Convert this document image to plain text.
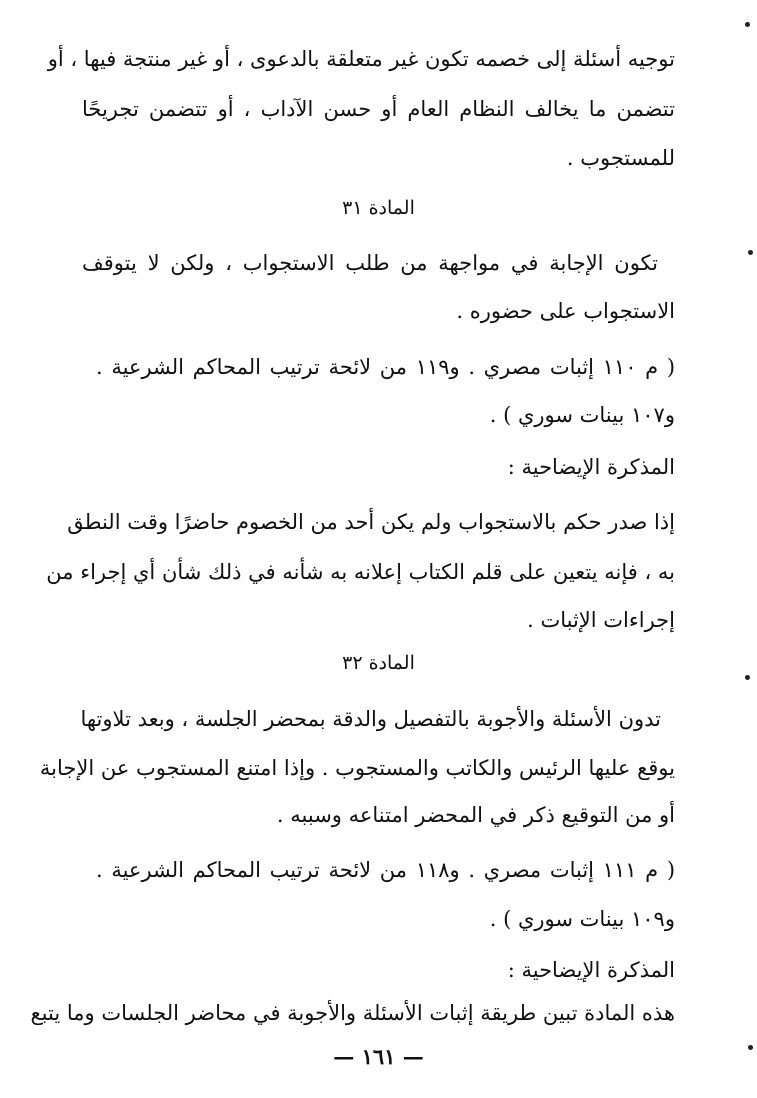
توجيه أسئلة إلى خصمه تكون غير متعلقة بالدعوى ، أو غير منتجة فيها ، أو
تتضمن ما يخالف النظام العام أو حسن الآداب ، أو تتضمن تجريحًا
للمستجوب .
المادة ٣١
تكون الإجابة في مواجهة من طلب الاستجواب ، ولكن لا يتوقف
الاستجواب على حضوره .
( م ١١٠ إثبات مصري . و١١٩ من لائحة ترتيب المحاكم الشرعية .
و١٠٧ بينات سوري ) .
المذكرة الإيضاحية :
إذا صدر حكم بالاستجواب ولم يكن أحد من الخصوم حاضرًا وقت النطق
به ، فإنه يتعين على قلم الكتاب إعلانه به شأنه في ذلك شأن أي إجراء من
إجراءات الإثبات .
المادة ٣٢
تدون الأسئلة والأجوبة بالتفصيل والدقة بمحضر الجلسة ، وبعد تلاوتها
يوقع عليها الرئيس والكاتب والمستجوب . وإذا امتنع المستجوب عن الإجابة
أو من التوقيع ذكر في المحضر امتناعه وسببه .
( م ١١١ إثبات مصري . و١١٨ من لائحة ترتيب المحاكم الشرعية .
و١٠٩ بينات سوري ) .
المذكرة الإيضاحية :
هذه المادة تبين طريقة إثبات الأسئلة والأجوبة في محاضر الجلسات وما يتبع
— ١٦١ —
